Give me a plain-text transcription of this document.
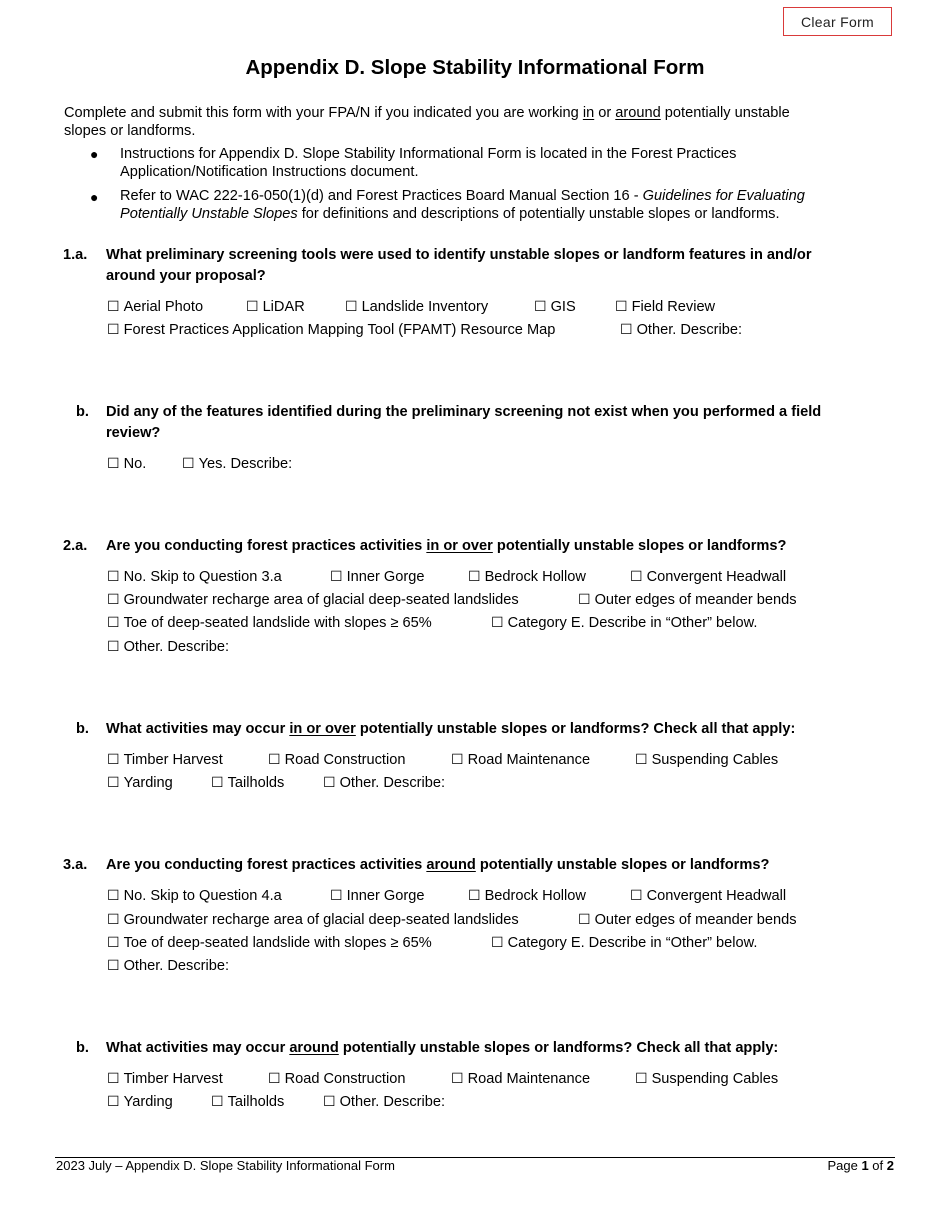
Clear Form
Appendix D. Slope Stability Informational Form
Complete and submit this form with your FPA/N if you indicated you are working in or around potentially unstable
slopes or landforms.
● Instructions for Appendix D. Slope Stability Informational Form is located in the Forest Practices
Application/Notification Instructions document.
● Refer to WAC 222-16-050(1)(d) and Forest Practices Board Manual Section 16 - Guidelines for Evaluating
Potentially Unstable Slopes for definitions and descriptions of potentially unstable slopes or landforms.
1.a. What preliminary screening tools were used to identify unstable slopes or landform features in and/or
around your proposal?
☐ Aerial Photo	☐ LiDAR	☐ Landslide Inventory	☐ GIS	☐ Field Review
☐ Forest Practices Application Mapping Tool (FPAMT) Resource Map	☐ Other. Describe:
b. Did any of the features identified during the preliminary screening not exist when you performed a field
review?
☐ No.	☐ Yes. Describe:
2.a. Are you conducting forest practices activities in or over potentially unstable slopes or landforms?
☐ No. Skip to Question 3.a	☐ Inner Gorge	☐ Bedrock Hollow	☐ Convergent Headwall
☐ Groundwater recharge area of glacial deep-seated landslides	☐ Outer edges of meander bends
☐ Toe of deep-seated landslide with slopes ≥ 65%	☐ Category E. Describe in “Other” below.
☐ Other. Describe:
b. What activities may occur in or over potentially unstable slopes or landforms? Check all that apply:
☐ Timber Harvest	☐ Road Construction	☐ Road Maintenance	☐ Suspending Cables
☐ Yarding	☐ Tailholds	☐ Other. Describe:
3.a. Are you conducting forest practices activities around potentially unstable slopes or landforms?
☐ No. Skip to Question 4.a	☐ Inner Gorge	☐ Bedrock Hollow	☐ Convergent Headwall
☐ Groundwater recharge area of glacial deep-seated landslides	☐ Outer edges of meander bends
☐ Toe of deep-seated landslide with slopes ≥ 65%	☐ Category E. Describe in “Other” below.
☐ Other. Describe:
b. What activities may occur around potentially unstable slopes or landforms? Check all that apply:
☐ Timber Harvest	☐ Road Construction	☐ Road Maintenance	☐ Suspending Cables
☐ Yarding	☐ Tailholds	☐ Other. Describe:
2023 July – Appendix D. Slope Stability Informational Form	Page 1 of 2
